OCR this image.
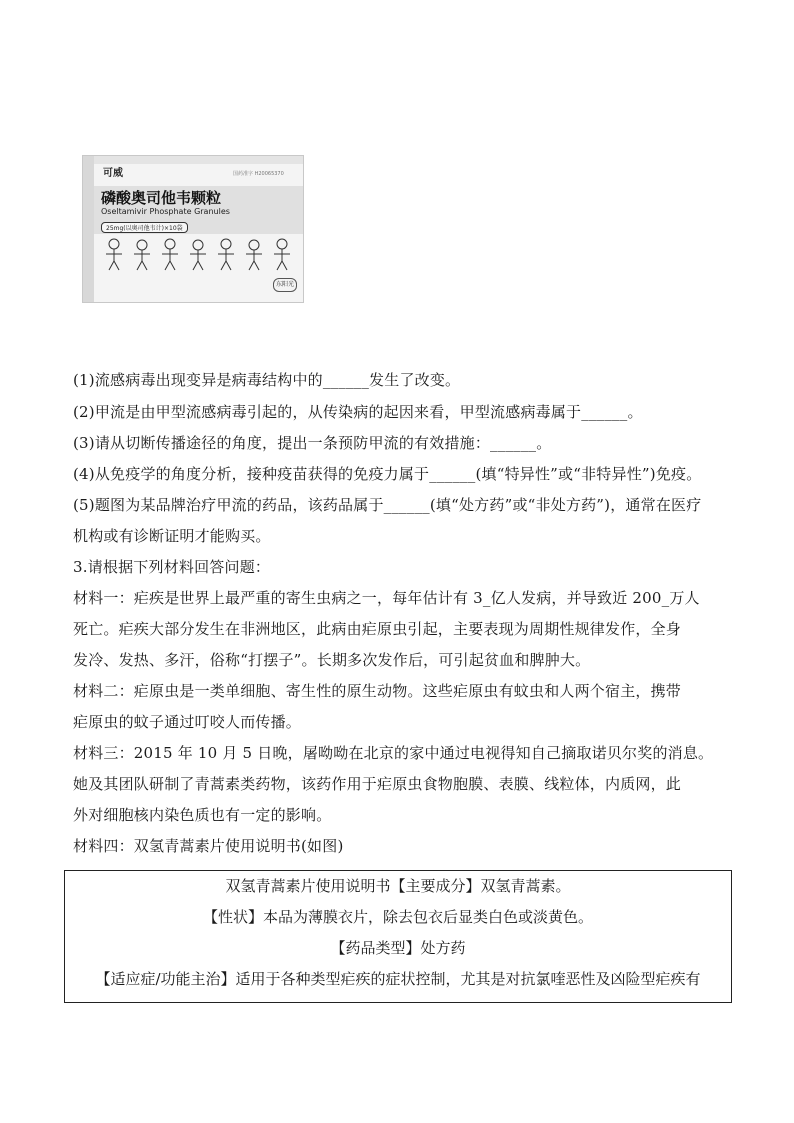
可威	国药准字 H20065370
磷酸奥司他韦颗粒
Oseltamivir Phosphate Granules
25mg(以奥司他韦计)×10袋
东阳光
(1)流感病毒出现变异是病毒结构中的______发生了改变。
(2)甲流是由甲型流感病毒引起的，从传染病的起因来看，甲型流感病毒属于______。
(3)请从切断传播途径的角度，提出一条预防甲流的有效措施：______。
(4)从免疫学的角度分析，接种疫苗获得的免疫力属于______(填“特异性”或“非特异性”)免疫。
(5)题图为某品牌治疗甲流的药品，该药品属于______(填“处方药”或“非处方药”)，通常在医疗
机构或有诊断证明才能购买。
3.请根据下列材料回答问题：
材料一：疟疾是世界上最严重的寄生虫病之一，每年估计有 3_亿人发病，并导致近 200_万人
死亡。疟疾大部分发生在非洲地区，此病由疟原虫引起，主要表现为周期性规律发作，全身
发冷、发热、多汗，俗称“打摆子”。长期多次发作后，可引起贫血和脾肿大。
材料二：疟原虫是一类单细胞、寄生性的原生动物。这些疟原虫有蚊虫和人两个宿主，携带
疟原虫的蚊子通过叮咬人而传播。
材料三：2015 年 10 月 5 日晚，屠呦呦在北京的家中通过电视得知自己摘取诺贝尔奖的消息。
她及其团队研制了青蒿素类药物，该药作用于疟原虫食物胞膜、表膜、线粒体，内质网，此
外对细胞核内染色质也有一定的影响。
材料四：双氢青蒿素片使用说明书(如图)
双氢青蒿素片使用说明书【主要成分】双氢青蒿素。
【性状】本品为薄膜衣片，除去包衣后显类白色或淡黄色。
【药品类型】处方药
【适应症/功能主治】适用于各种类型疟疾的症状控制，尤其是对抗氯喹恶性及凶险型疟疾有
